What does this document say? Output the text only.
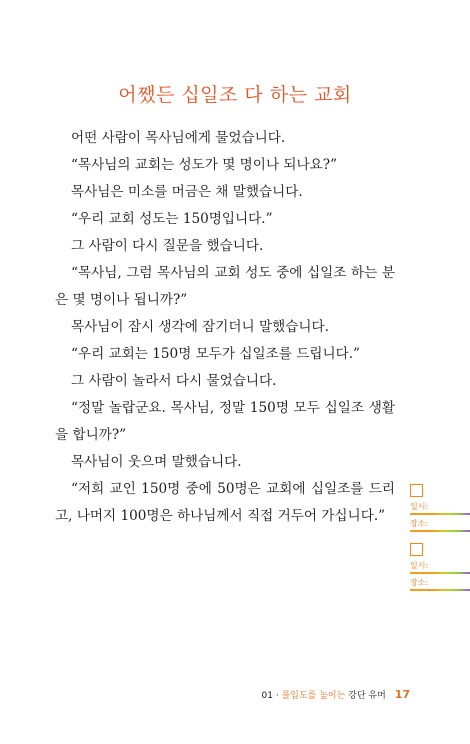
어쨌든 십일조 다 하는 교회

어떤 사람이 목사님에게 물었습니다.

“목사님의 교회는 성도가 몇 명이나 되나요?”

목사님은 미소를 머금은 채 말했습니다.

“우리 교회 성도는 150명입니다.”

그 사람이 다시 질문을 했습니다.

“목사님, 그럼 목사님의 교회 성도 중에 십일조 하는 분은 몇 명이나 됩니까?”

목사님이 잠시 생각에 잠기더니 말했습니다.

“우리 교회는 150명 모두가 십일조를 드립니다.”

그 사람이 놀라서 다시 물었습니다.

“정말 놀랍군요. 목사님, 정말 150명 모두 십일조 생활을 합니까?”

목사님이 웃으며 말했습니다.

“저희 교인 150명 중에 50명은 교회에 십일조를 드리고, 나머지 100명은 하나님께서 직접 거두어 가십니다.”

일시:
장소:
일시:
장소:
01 · 몰입도를 높이는 강단 유머 17
